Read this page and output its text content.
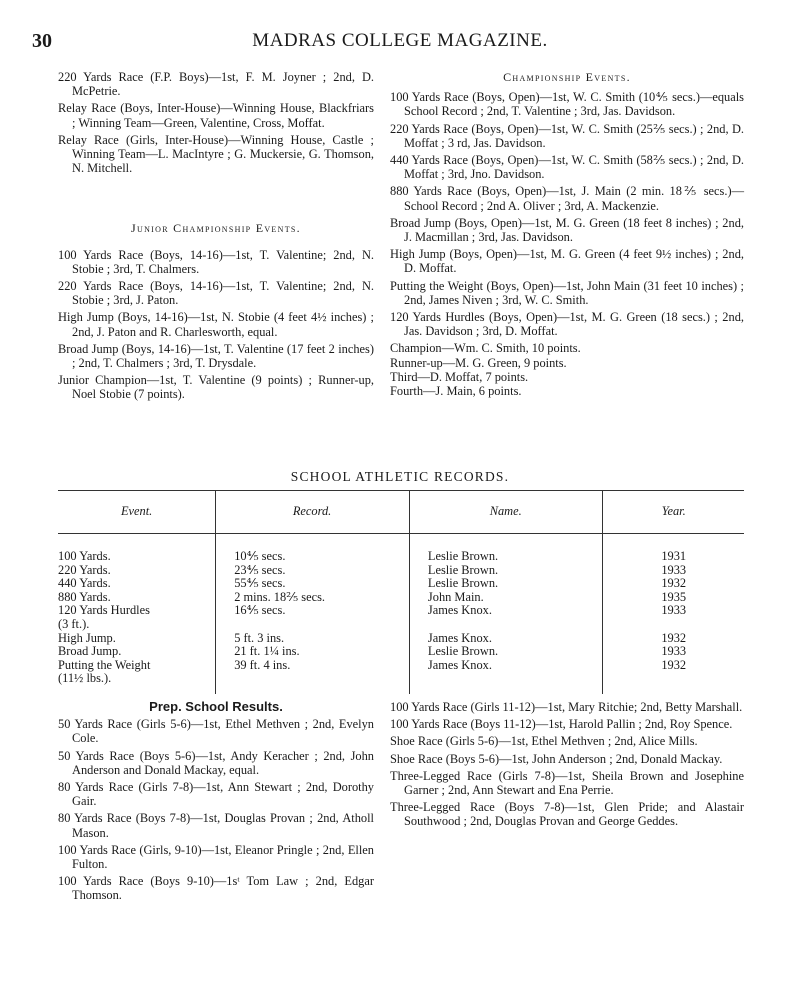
30	MADRAS COLLEGE MAGAZINE.

220 Yards Race (F.P. Boys)—1st, F. M. Joyner ; 2nd, D. McPetrie.

Relay Race (Boys, Inter-House)—Winning House, Blackfriars ; Winning Team—Green, Valentine, Cross, Moffat.

Relay Race (Girls, Inter-House)—Winning House, Castle ; Winning Team—L. MacIntyre ; G. Muckersie, G. Thomson, N. Mitchell.

Junior Championship Events.

100 Yards Race (Boys, 14-16)—1st, T. Valentine; 2nd, N. Stobie ; 3rd, T. Chalmers.

220 Yards Race (Boys, 14-16)—1st, T. Valentine; 2nd, N. Stobie ; 3rd, J. Paton.

High Jump (Boys, 14-16)—1st, N. Stobie (4 feet 4½ inches) ; 2nd, J. Paton and R. Charlesworth, equal.

Broad Jump (Boys, 14-16)—1st, T. Valentine (17 feet 2 inches) ; 2nd, T. Chalmers ; 3rd, T. Drysdale.

Junior Champion—1st, T. Valentine (9 points) ; Runner-up, Noel Stobie (7 points).

Championship Events.

100 Yards Race (Boys, Open)—1st, W. C. Smith (10⅘ secs.)—equals School Record ; 2nd, T. Valentine ; 3rd, Jas. Davidson.

220 Yards Race (Boys, Open)—1st, W. C. Smith (25⅖ secs.) ; 2nd, D. Moffat ; 3 rd, Jas. Davidson.

440 Yards Race (Boys, Open)—1st, W. C. Smith (58⅖ secs.) ; 2nd, D. Moffat ; 3rd, Jno. Davidson.

880 Yards Race (Boys, Open)—1st, J. Main (2 min. 18⅖ secs.)—School Record ; 2nd A. Oliver ; 3rd, A. Mackenzie.

Broad Jump (Boys, Open)—1st, M. G. Green (18 feet 8 inches) ; 2nd, J. Macmillan ; 3rd, Jas. Davidson.

High Jump (Boys, Open)—1st, M. G. Green (4 feet 9½ inches) ; 2nd, D. Moffat.

Putting the Weight (Boys, Open)—1st, John Main (31 feet 10 inches) ; 2nd, James Niven ; 3rd, W. C. Smith.

120 Yards Hurdles (Boys, Open)—1st, M. G. Green (18 secs.) ; 2nd, Jas. Davidson ; 3rd, D. Moffat.

Champion—Wm. C. Smith, 10 points.

Runner-up—M. G. Green, 9 points.

Third—D. Moffat, 7 points.

Fourth—J. Main, 6 points.

SCHOOL ATHLETIC RECORDS.
Event.	Record.	Name.	Year.

100 Yards.	10⅘ secs.	Leslie Brown.	1931
220 Yards.	23⅘ secs.	Leslie Brown.	1933
440 Yards.	55⅘ secs.	Leslie Brown.	1932
880 Yards.	2 mins. 18⅖ secs.	John Main.	1935
120 Yards Hurdles	16⅘ secs.	James Knox.	1933
(3 ft.).			
High Jump.	5 ft. 3 ins.	James Knox.	1932
Broad Jump.	21 ft. 1¼ ins.	Leslie Brown.	1933
Putting the Weight	39 ft. 4 ins.	James Knox.	1932
(11½ lbs.).			

Prep. School Results.

50 Yards Race (Girls 5-6)—1st, Ethel Methven ; 2nd, Evelyn Cole.

50 Yards Race (Boys 5-6)—1st, Andy Keracher ; 2nd, John Anderson and Donald Mackay, equal.

80 Yards Race (Girls 7-8)—1st, Ann Stewart ; 2nd, Dorothy Gair.

80 Yards Race (Boys 7-8)—1st, Douglas Provan ; 2nd, Atholl Mason.

100 Yards Race (Girls, 9-10)—1st, Eleanor Pringle ; 2nd, Ellen Fulton.

100 Yards Race (Boys 9-10)—1sᵗ Tom Law ; 2nd, Edgar Thomson.

100 Yards Race (Girls 11-12)—1st, Mary Ritchie; 2nd, Betty Marshall.

100 Yards Race (Boys 11-12)—1st, Harold Pallin ; 2nd, Roy Spence.

Shoe Race (Girls 5-6)—1st, Ethel Methven ; 2nd, Alice Mills.

Shoe Race (Boys 5-6)—1st, John Anderson ; 2nd, Donald Mackay.

Three-Legged Race (Girls 7-8)—1st, Sheila Brown and Josephine Garner ; 2nd, Ann Stewart and Ena Perrie.

Three-Legged Race (Boys 7-8)—1st, Glen Pride; and Alastair Southwood ; 2nd, Douglas Provan and George Geddes.
